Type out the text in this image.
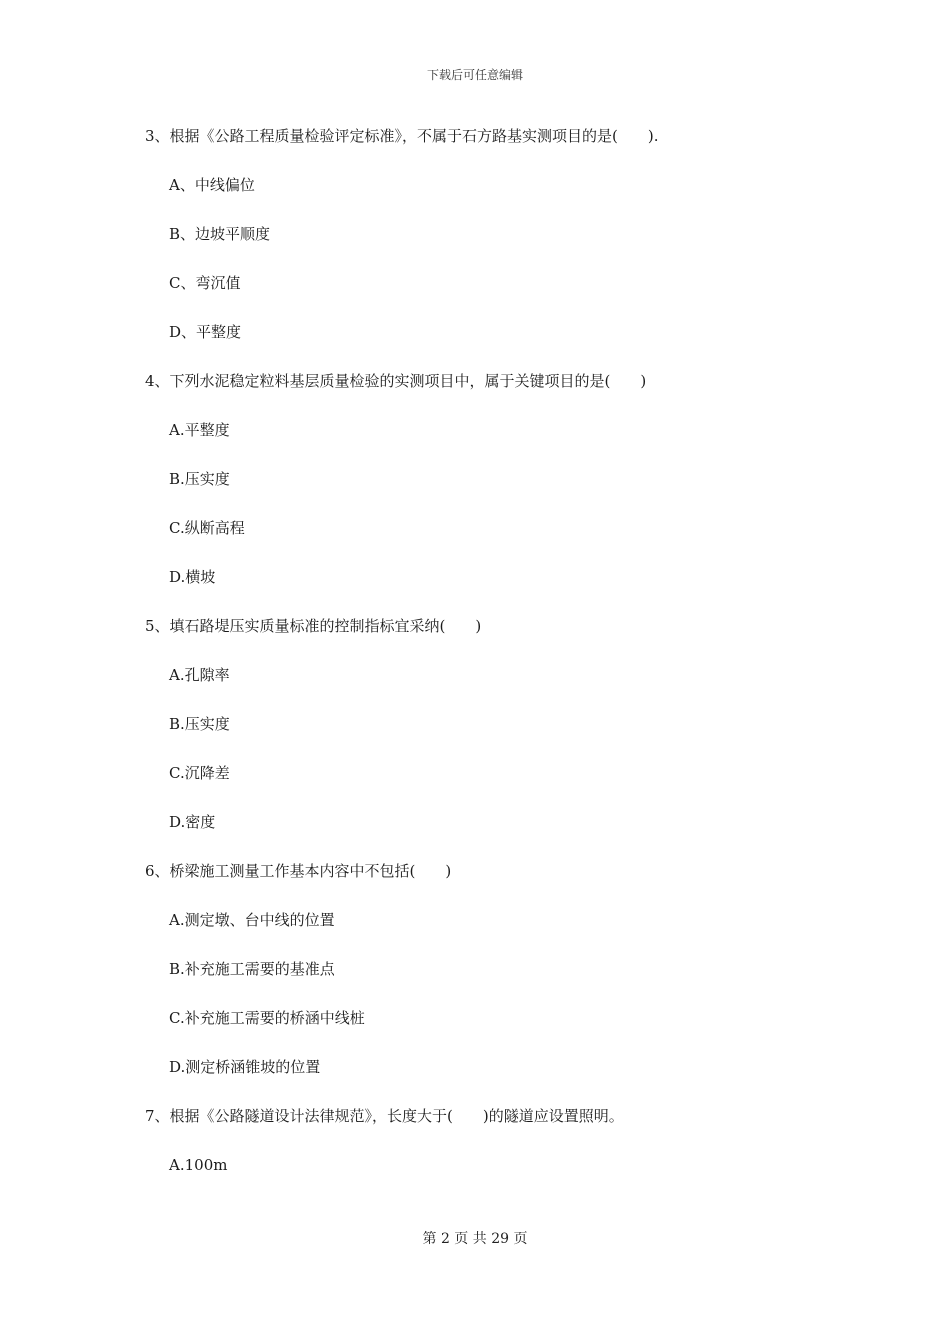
下载后可任意编辑
3、根据《公路工程质量检验评定标准》，不属于石方路基实测项目的是(　　).
A、中线偏位
B、边坡平顺度
C、弯沉值
D、平整度
4、下列水泥稳定粒料基层质量检验的实测项目中，属于关键项目的是(　　)
A.平整度
B.压实度
C.纵断高程
D.横坡
5、填石路堤压实质量标准的控制指标宜采纳(　　)
A.孔隙率
B.压实度
C.沉降差
D.密度
6、桥梁施工测量工作基本内容中不包括(　　)
A.测定墩、台中线的位置
B.补充施工需要的基准点
C.补充施工需要的桥涵中线桩
D.测定桥涵锥坡的位置
7、根据《公路隧道设计法律规范》，长度大于(　　)的隧道应设置照明。
A.100m
第 2 页 共 29 页
